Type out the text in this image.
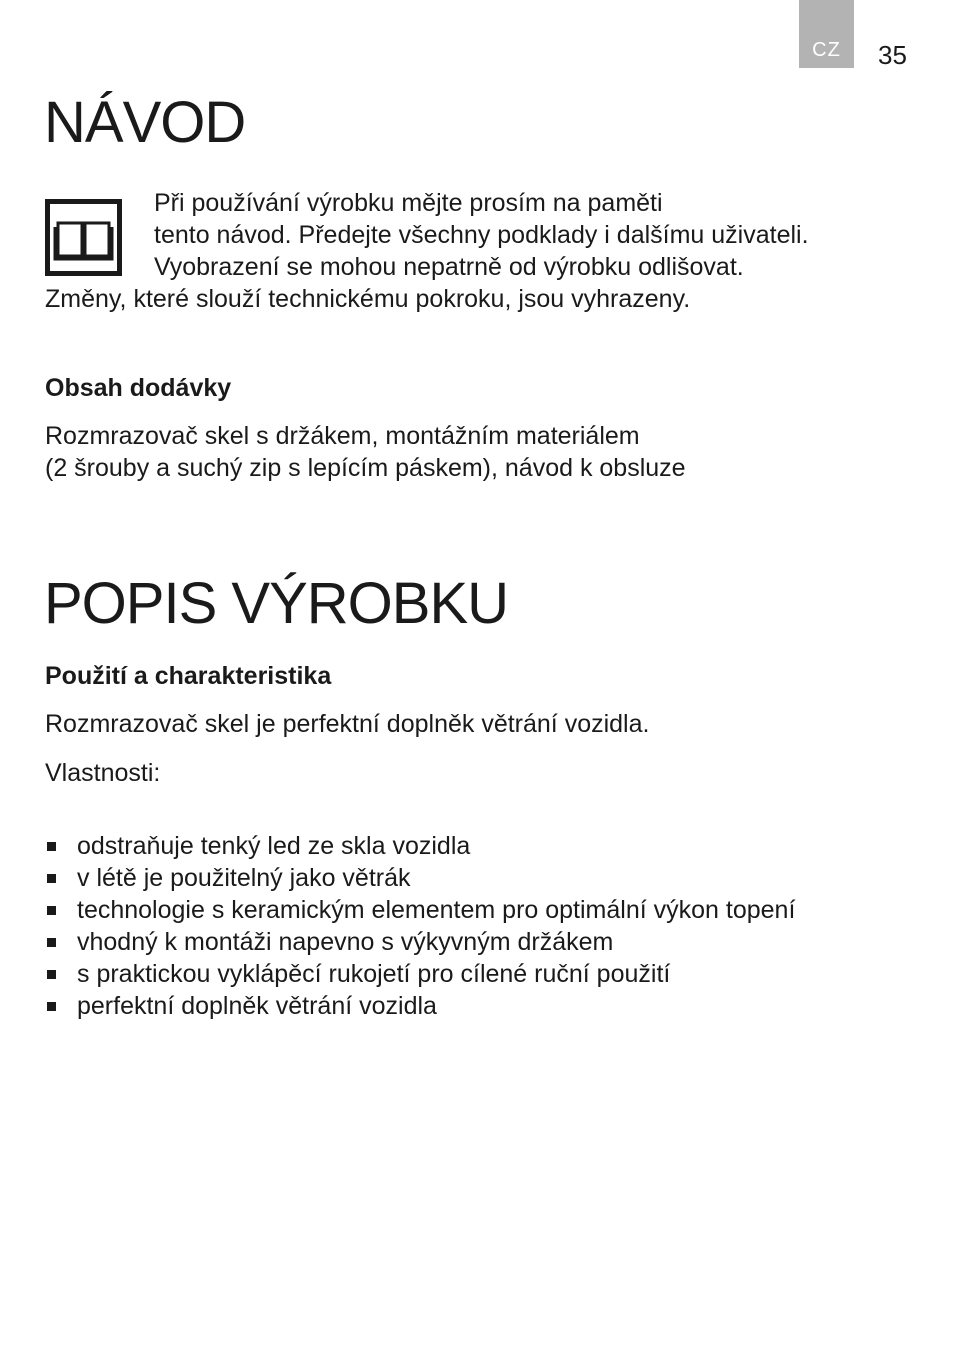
CZ	35
NÁVOD
Při používání výrobku mějte prosím na paměti
tento návod. Předejte všechny podklady i dalšímu uživateli.
Vyobrazení se mohou nepatrně od výrobku odlišovat.
Změny, které slouží technickému pokroku, jsou vyhrazeny.
Obsah dodávky
Rozmrazovač skel s držákem, montážním materiálem
(2 šrouby a suchý zip s lepícím páskem), návod k obsluze
POPIS VÝROBKU
Použití a charakteristika
Rozmrazovač skel je perfektní doplněk větrání vozidla.
Vlastnosti:
odstraňuje tenký led ze skla vozidla
v létě je použitelný jako větrák
technologie s keramickým elementem pro optimální výkon topení
vhodný k montáži napevno s výkyvným držákem
s praktickou vyklápěcí rukojetí pro cílené ruční použití
perfektní doplněk větrání vozidla
